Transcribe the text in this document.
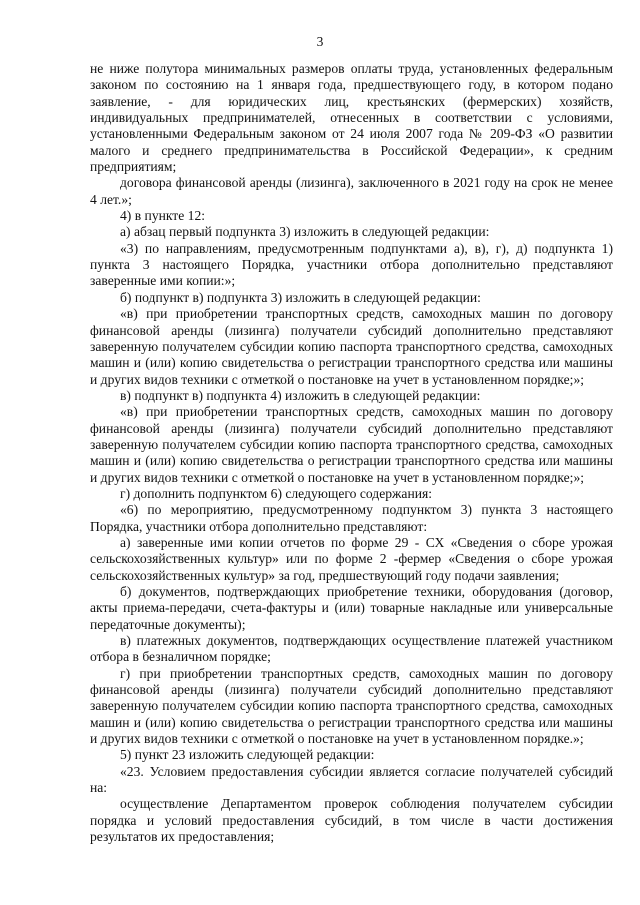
3

не ниже полутора минимальных размеров оплаты труда, установленных федеральным законом по состоянию на 1 января года, предшествующего году, в котором подано заявление, - для юридических лиц, крестьянских (фермерских) хозяйств, индивидуальных предпринимателей, отнесенных в соответствии с условиями, установленными Федеральным законом от 24 июля 2007 года № 209-ФЗ «О развитии малого и среднего предпринимательства в Российской Федерации», к средним предприятиям;

договора финансовой аренды (лизинга), заключенного в 2021 году на срок не менее 4 лет.»;

4) в пункте 12:

а) абзац первый подпункта 3) изложить в следующей редакции:

«3) по направлениям, предусмотренным подпунктами а), в), г), д) подпункта 1) пункта 3 настоящего Порядка, участники отбора дополнительно представляют заверенные ими копии:»;

б) подпункт в) подпункта 3) изложить в следующей редакции:

«в) при приобретении транспортных средств, самоходных машин по договору финансовой аренды (лизинга) получатели субсидий дополнительно представляют заверенную получателем субсидии копию паспорта транспортного средства, самоходных машин и (или) копию свидетельства о регистрации транспортного средства или машины и других видов техники с отметкой о постановке на учет в установленном порядке;»;

в) подпункт в) подпункта 4) изложить в следующей редакции:

«в) при приобретении транспортных средств, самоходных машин по договору финансовой аренды (лизинга) получатели субсидий дополнительно представляют заверенную получателем субсидии копию паспорта транспортного средства, самоходных машин и (или) копию свидетельства о регистрации транспортного средства или машины и других видов техники с отметкой о постановке на учет в установленном порядке;»;

г) дополнить подпунктом 6) следующего содержания:

«6) по мероприятию, предусмотренному подпунктом 3) пункта 3 настоящего Порядка, участники отбора дополнительно представляют:

а) заверенные ими копии отчетов по форме 29 - СХ «Сведения о сборе урожая сельскохозяйственных культур» или по форме 2 -фермер «Сведения о сборе урожая сельскохозяйственных культур» за год, предшествующий году подачи заявления;

б) документов, подтверждающих приобретение техники, оборудования (договор, акты приема-передачи, счета-фактуры и (или) товарные накладные или универсальные передаточные документы);

в) платежных документов, подтверждающих осуществление платежей участником отбора в безналичном порядке;

г) при приобретении транспортных средств, самоходных машин по договору финансовой аренды (лизинга) получатели субсидий дополнительно представляют заверенную получателем субсидии копию паспорта транспортного средства, самоходных машин и (или) копию свидетельства о регистрации транспортного средства или машины и других видов техники с отметкой о постановке на учет в установленном порядке.»;

5) пункт 23 изложить следующей редакции:

«23. Условием предоставления субсидии является согласие получателей субсидий на:

осуществление Департаментом проверок соблюдения получателем субсидии порядка и условий предоставления субсидий, в том числе в части достижения результатов их предоставления;
